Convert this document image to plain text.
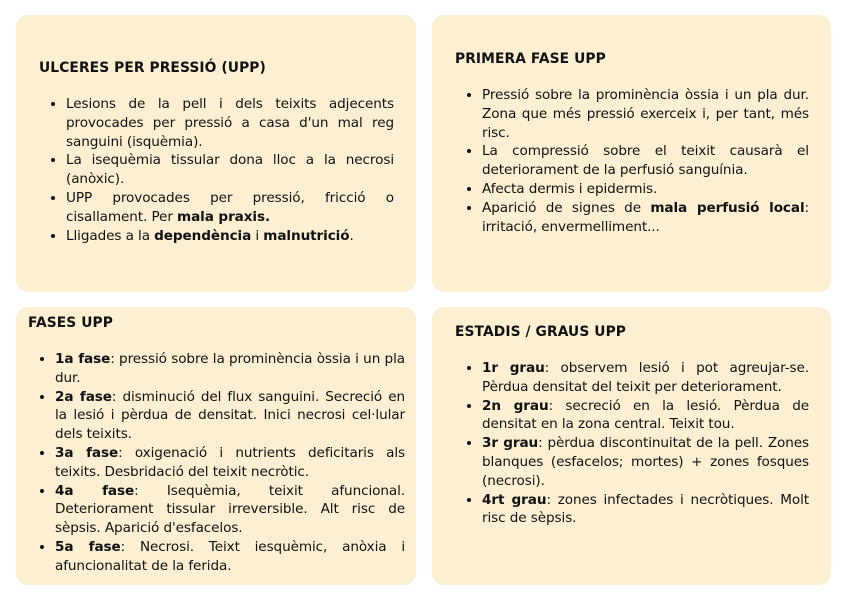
ULCERES PER PRESSIÓ (UPP)
• Lesions de la pell i dels teixits adjecents provocades per pressió a casa d'un mal reg sanguini (isquèmia).
• La isequèmia tissular dona lloc a la necrosi (anòxic).
• UPP provocades per pressió, fricció o cisallament. Per mala praxis.
• Lligades a la dependència i malnutrició.
PRIMERA FASE UPP
• Pressió sobre la prominència òssia i un pla dur. Zona que més pressió exerceix i, per tant, més risc.
• La compressió sobre el teixit causarà el deteriorament de la perfusió sanguínia.
• Afecta dermis i epidermis.
• Aparició de signes de mala perfusió local: irritació, envermelliment...
FASES UPP
• 1a fase: pressió sobre la prominència òssia i un pla dur.
• 2a fase: disminució del flux sanguini. Secreció en la lesió i pèrdua de densitat. Inici necrosi cel·lular dels teixits.
• 3a fase: oxigenació i nutrients deficitaris als teixits. Desbridació del teixit necròtic.
• 4a fase: Isequèmia, teixit afuncional. Deteriorament tissular irreversible. Alt risc de sèpsis. Aparició d'esfacelos.
• 5a fase: Necrosi. Teixt iesquèmic, anòxia i afuncionalitat de la ferida.
ESTADIS / GRAUS UPP
• 1r grau: observem lesió i pot agreujar-se. Pèrdua densitat del teixit per deteriorament.
• 2n grau: secreció en la lesió. Pèrdua de densitat en la zona central. Teixit tou.
• 3r grau: pèrdua discontinuitat de la pell. Zones blanques (esfacelos; mortes) + zones fosques (necrosi).
• 4rt grau: zones infectades i necròtiques. Molt risc de sèpsis.
